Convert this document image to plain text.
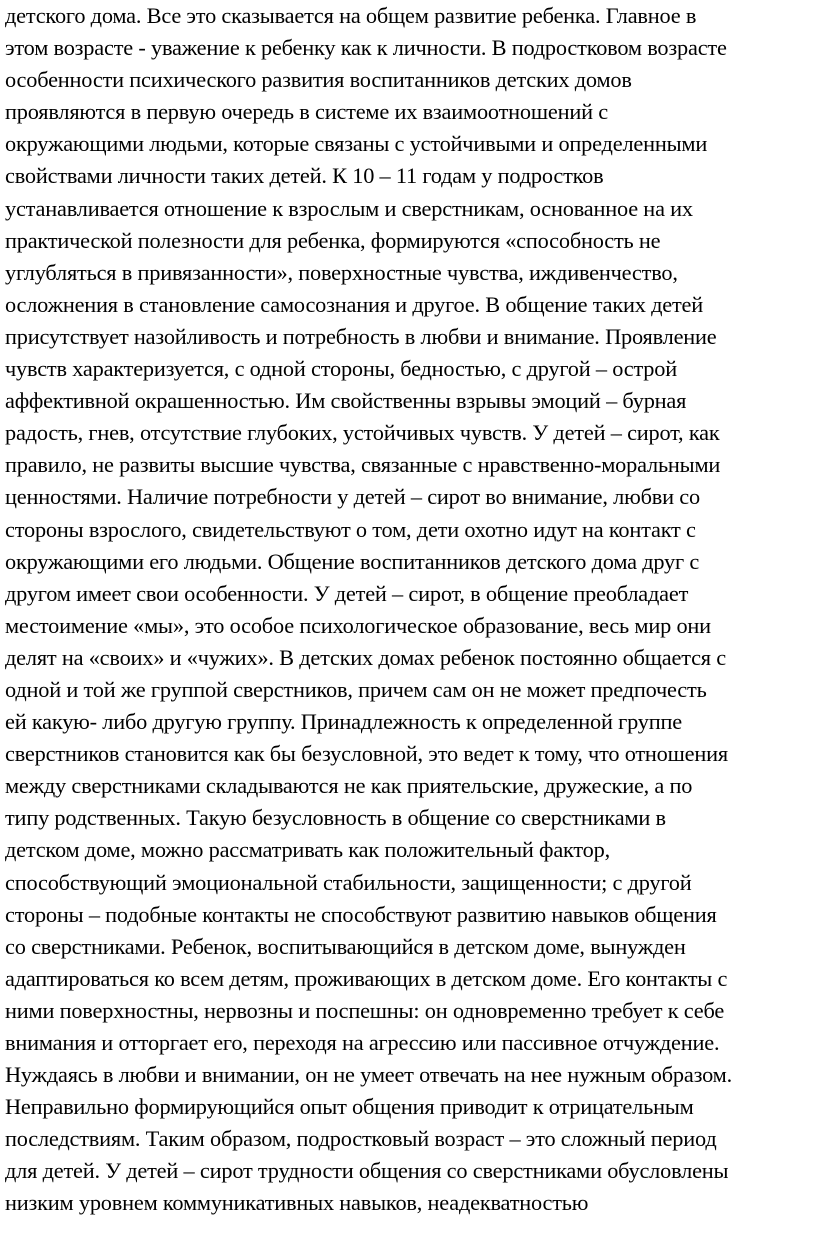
детского дома. Все это сказывается на общем развитие ребенка. Главное в
этом возрасте - уважение к ребенку как к личности. В подростковом возрасте
особенности психического развития воспитанников детских домов
проявляются в первую очередь в системе их взаимоотношений с
окружающими людьми, которые связаны с устойчивыми и определенными
свойствами личности таких детей. К 10 – 11 годам у подростков
устанавливается отношение к взрослым и сверстникам, основанное на их
практической полезности для ребенка, формируются «способность не
углубляться в привязанности», поверхностные чувства, иждивенчество,
осложнения в становление самосознания и другое. В общение таких детей
присутствует назойливость и потребность в любви и внимание. Проявление
чувств характеризуется, с одной стороны, бедностью, с другой – острой
аффективной окрашенностью. Им свойственны взрывы эмоций – бурная
радость, гнев, отсутствие глубоких, устойчивых чувств. У детей – сирот, как
правило, не развиты высшие чувства, связанные с нравственно-моральными
ценностями. Наличие потребности у детей – сирот во внимание, любви со
стороны взрослого, свидетельствуют о том, дети охотно идут на контакт с
окружающими его людьми. Общение воспитанников детского дома друг с
другом имеет свои особенности. У детей – сирот, в общение преобладает
местоимение «мы», это особое психологическое образование, весь мир они
делят на «своих» и «чужих». В детских домах ребенок постоянно общается с
одной и той же группой сверстников, причем сам он не может предпочесть
ей какую- либо другую группу. Принадлежность к определенной группе
сверстников становится как бы безусловной, это ведет к тому, что отношения
между сверстниками складываются не как приятельские, дружеские, а по
типу родственных. Такую безусловность в общение со сверстниками в
детском доме, можно рассматривать как положительный фактор,
способствующий эмоциональной стабильности, защищенности; с другой
стороны – подобные контакты не способствуют развитию навыков общения
со сверстниками. Ребенок, воспитывающийся в детском доме, вынужден
адаптироваться ко всем детям, проживающих в детском доме. Его контакты с
ними поверхностны, нервозны и поспешны: он одновременно требует к себе
внимания и отторгает его, переходя на агрессию или пассивное отчуждение.
Нуждаясь в любви и внимании, он не умеет отвечать на нее нужным образом.
Неправильно формирующийся опыт общения приводит к отрицательным
последствиям. Таким образом, подростковый возраст – это сложный период
для детей. У детей – сирот трудности общения со сверстниками обусловлены
низким уровнем коммуникативных навыков, неадекватностью
